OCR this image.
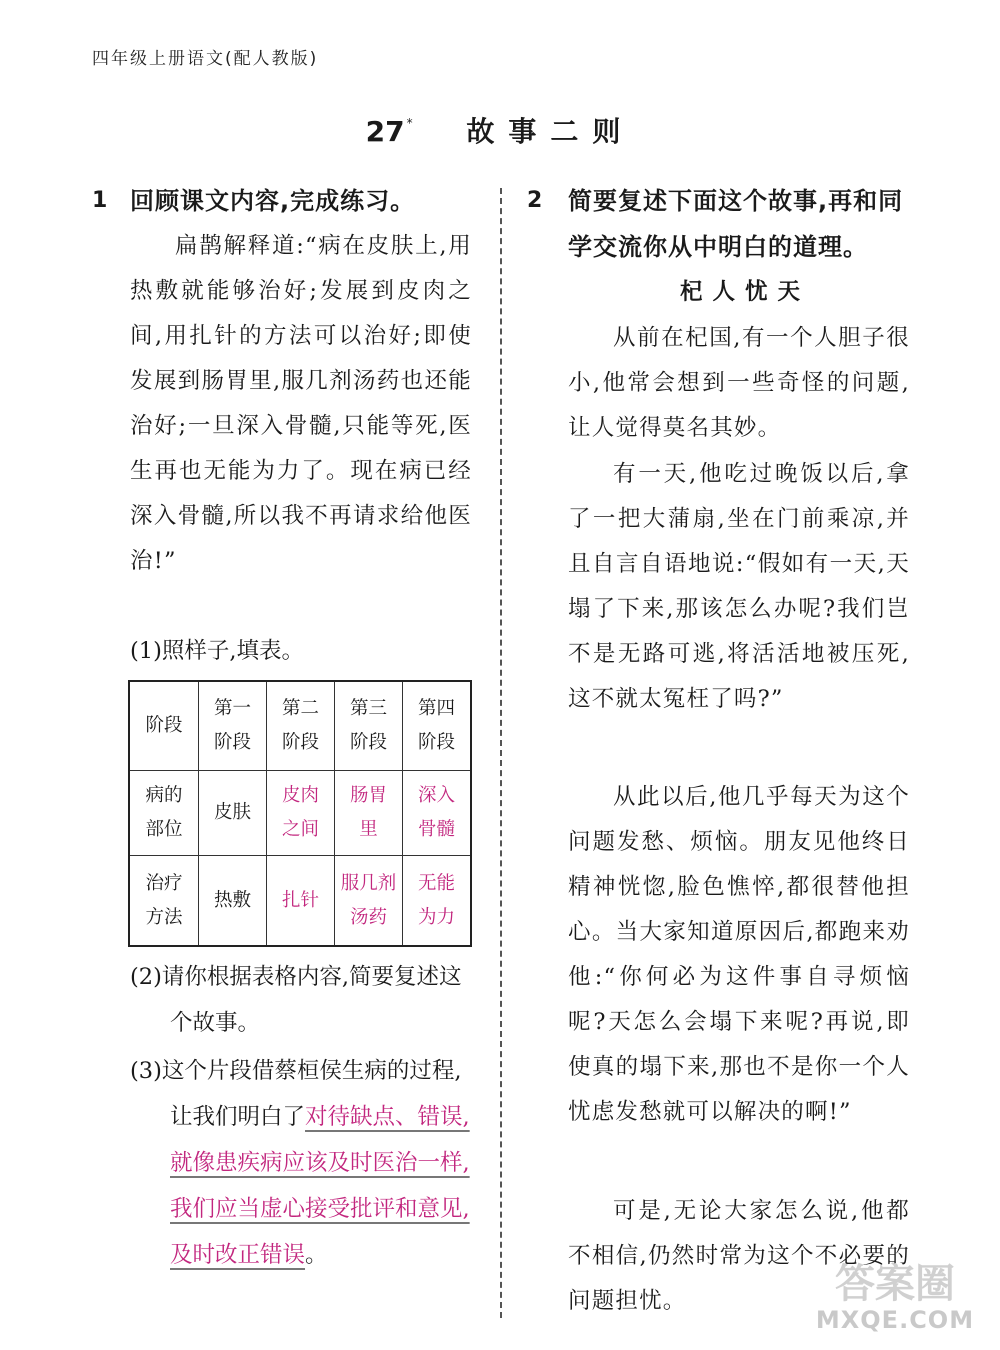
四年级上册语文(配人教版)
27 * 故事二则
1 回顾课文内容,完成练习。

扁鹊解释道:“病在皮肤上,用热敷就能够治好;发展到皮肉之间,用扎针的方法可以治好;即使发展到肠胃里,服几剂汤药也还能治好;一旦深入骨髓,只能等死,医生再也无能为力了。现在病已经深入骨髓,所以我不再请求给他医治!”

(1)照样子,填表。

阶段	第一阶段	第二阶段	第三阶段	第四阶段
病的部位	皮肤	皮肉之间	肠胃里	深入骨髓
治疗方法	热敷	扎针	服几剂汤药	无能为力

(2)请你根据表格内容,简要复述这个故事。

(3)这个片段借蔡桓侯生病的过程,让我们明白了对待缺点、错误,就像患疾病应该及时医治一样,我们应当虚心接受批评和意见,及时改正错误。

2 简要复述下面这个故事,再和同学交流你从中明白的道理。
杞人忧天

从前在杞国,有一个人胆子很小,他常会想到一些奇怪的问题,让人觉得莫名其妙。

有一天,他吃过晚饭以后,拿了一把大蒲扇,坐在门前乘凉,并且自言自语地说:“假如有一天,天塌了下来,那该怎么办呢?我们岂不是无路可逃,将活活地被压死,这不就太冤枉了吗?”

从此以后,他几乎每天为这个问题发愁、烦恼。朋友见他终日精神恍惚,脸色憔悴,都很替他担心。当大家知道原因后,都跑来劝他:“你何必为这件事自寻烦恼呢?天怎么会塌下来呢?再说,即使真的塌下来,那也不是你一个人忧虑发愁就可以解决的啊!”

可是,无论大家怎么说,他都不相信,仍然时常为这个不必要的问题担忧。	答案圈
MXQE.COM
